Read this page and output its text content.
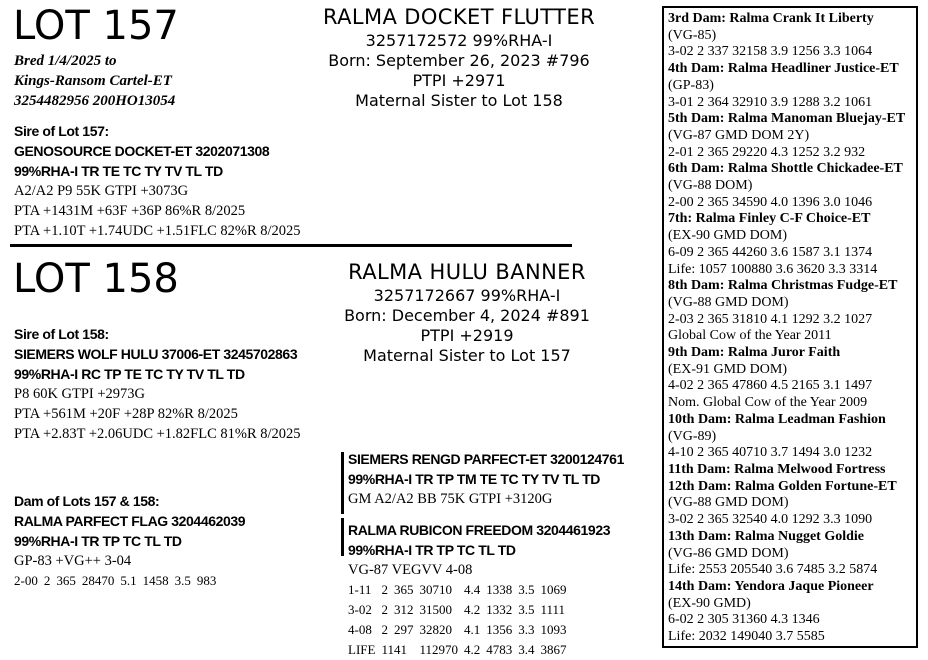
LOT 157
Bred 1/4/2025 to
Kings-Ransom Cartel-ET
3254482956 200HO13054
RALMA DOCKET FLUTTER
3257172572 99%RHA-I
Born: September 26, 2023 #796
PTPI +2971
Maternal Sister to Lot 158
Sire of Lot 157:
GENOSOURCE DOCKET-ET 3202071308
99%RHA-I TR TE TC TY TV TL TD
A2/A2 P9 55K GTPI +3073G
PTA +1431M +63F +36P 86%R 8/2025
PTA +1.10T +1.74UDC +1.51FLC 82%R 8/2025
LOT 158	RALMA HULU BANNER
3257172667 99%RHA-I
Born: December 4, 2024 #891
PTPI +2919
Maternal Sister to Lot 157
Sire of Lot 158:
SIEMERS WOLF HULU 37006-ET 3245702863
99%RHA-I RC TP TE TC TY TV TL TD
P8 60K GTPI +2973G
PTA +561M +20F +28P 82%R 8/2025
PTA +2.83T +2.06UDC +1.82FLC 81%R 8/2025
Dam of Lots 157 & 158:
RALMA PARFECT FLAG 3204462039
99%RHA-I TR TP TC TL TD
GP-83 +VG++ 3-04
2-00	2	365	28470	5.1	1458	3.5	983
SIEMERS RENGD PARFECT-ET 3200124761
99%RHA-I TR TP TM TE TC TY TV TL TD
GM A2/A2 BB 75K GTPI +3120G
RALMA RUBICON FREEDOM 3204461923
99%RHA-I TR TP TC TL TD
VG-87 VEGVV 4-08
1-11	2	365	30710	4.4	1338	3.5	1069
3-02	2	312	31500	4.2	1332	3.5	1111
4-08	2	297	32820	4.1	1356	3.3	1093
LIFE	1141		112970	4.2	4783	3.4	3867
3rd Dam: Ralma Crank It Liberty
(VG-85)
3-02 2 337 32158 3.9 1256 3.3 1064
4th Dam: Ralma Headliner Justice-ET
(GP-83)
3-01 2 364 32910 3.9 1288 3.2 1061
5th Dam: Ralma Manoman Bluejay-ET
(VG-87 GMD DOM 2Y)
2-01 2 365 29220 4.3 1252 3.2 932
6th Dam: Ralma Shottle Chickadee-ET
(VG-88 DOM)
2-00 2 365 34590 4.0 1396 3.0 1046
7th: Ralma Finley C-F Choice-ET
(EX-90 GMD DOM)
6-09 2 365 44260 3.6 1587 3.1 1374
Life: 1057 100880 3.6 3620 3.3 3314
8th Dam: Ralma Christmas Fudge-ET
(VG-88 GMD DOM)
2-03 2 365 31810 4.1 1292 3.2 1027
Global Cow of the Year 2011
9th Dam: Ralma Juror Faith
(EX-91 GMD DOM)
4-02 2 365 47860 4.5 2165 3.1 1497
Nom. Global Cow of the Year 2009
10th Dam: Ralma Leadman Fashion
(VG-89)
4-10 2 365 40710 3.7 1494 3.0 1232
11th Dam: Ralma Melwood Fortress
12th Dam: Ralma Golden Fortune-ET
(VG-88 GMD DOM)
3-02 2 365 32540 4.0 1292 3.3 1090
13th Dam: Ralma Nugget Goldie
(VG-86 GMD DOM)
Life: 2553 205540 3.6 7485 3.2 5874
14th Dam: Yendora Jaque Pioneer
(EX-90 GMD)
6-02 2 305 31360 4.3 1346
Life: 2032 149040 3.7 5585
